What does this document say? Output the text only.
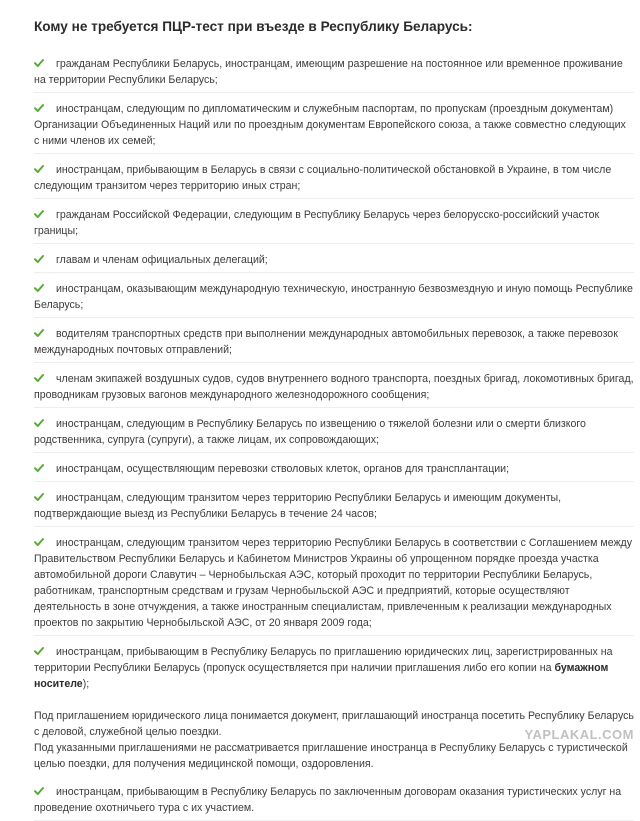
Кому не требуется ПЦР-тест при въезде в Республику Беларусь:
гражданам Республики Беларусь, иностранцам, имеющим разрешение на постоянное или временное проживание на территории Республики Беларусь;
иностранцам, следующим по дипломатическим и служебным паспортам, по пропускам (проездным документам) Организации Объединенных Наций или по проездным документам Европейского союза, а также совместно следующих с ними членов их семей;
иностранцам, прибывающим в Беларусь в связи с социально-политической обстановкой в Украине, в том числе следующим транзитом через территорию иных стран;
гражданам Российской Федерации, следующим в Республику Беларусь через белорусско-российский участок границы;
главам и членам официальных делегаций;
иностранцам, оказывающим международную техническую, иностранную безвозмездную и иную помощь Республике Беларусь;
водителям транспортных средств при выполнении международных автомобильных перевозок, а также перевозок международных почтовых отправлений;
членам экипажей воздушных судов, судов внутреннего водного транспорта, поездных бригад, локомотивных бригад, проводникам грузовых вагонов международного железнодорожного сообщения;
иностранцам, следующим в Республику Беларусь по извещению о тяжелой болезни или о смерти близкого родственника, супруга (супруги), а также лицам, их сопровождающих;
иностранцам, осуществляющим перевозки стволовых клеток, органов для трансплантации;
иностранцам, следующим транзитом через территорию Республики Беларусь и имеющим документы, подтверждающие выезд из Республики Беларусь в течение 24 часов;
иностранцам, следующим транзитом через территорию Республики Беларусь в соответствии с Соглашением между Правительством Республики Беларусь и Кабинетом Министров Украины об упрощенном порядке проезда участка автомобильной дороги Славутич – Чернобыльская АЭС, который проходит по территории Республики Беларусь, работникам, транспортным средствам и грузам Чернобыльской АЭС и предприятий, которые осуществляют деятельность в зоне отчуждения, а также иностранным специалистам, привлеченным к реализации международных проектов по закрытию Чернобыльской АЭС, от 20 января 2009 года;
иностранцам, прибывающим в Республику Беларусь по приглашению юридических лиц, зарегистрированных на территории Республики Беларусь (пропуск осуществляется при наличии приглашения либо его копии на бумажном носителе);

Под приглашением юридического лица понимается документ, приглашающий иностранца посетить Республику Беларусь с деловой, служебной целью поездки.

Под указанными приглашениями не рассматривается приглашение иностранца в Республику Беларусь с туристической целью поездки, для получения медицинской помощи, оздоровления.

иностранцам, прибывающим в Республику Беларусь по заключенным договорам оказания туристических услуг на проведение охотничьего тура с их участием.
YAPLAKAL.COM
